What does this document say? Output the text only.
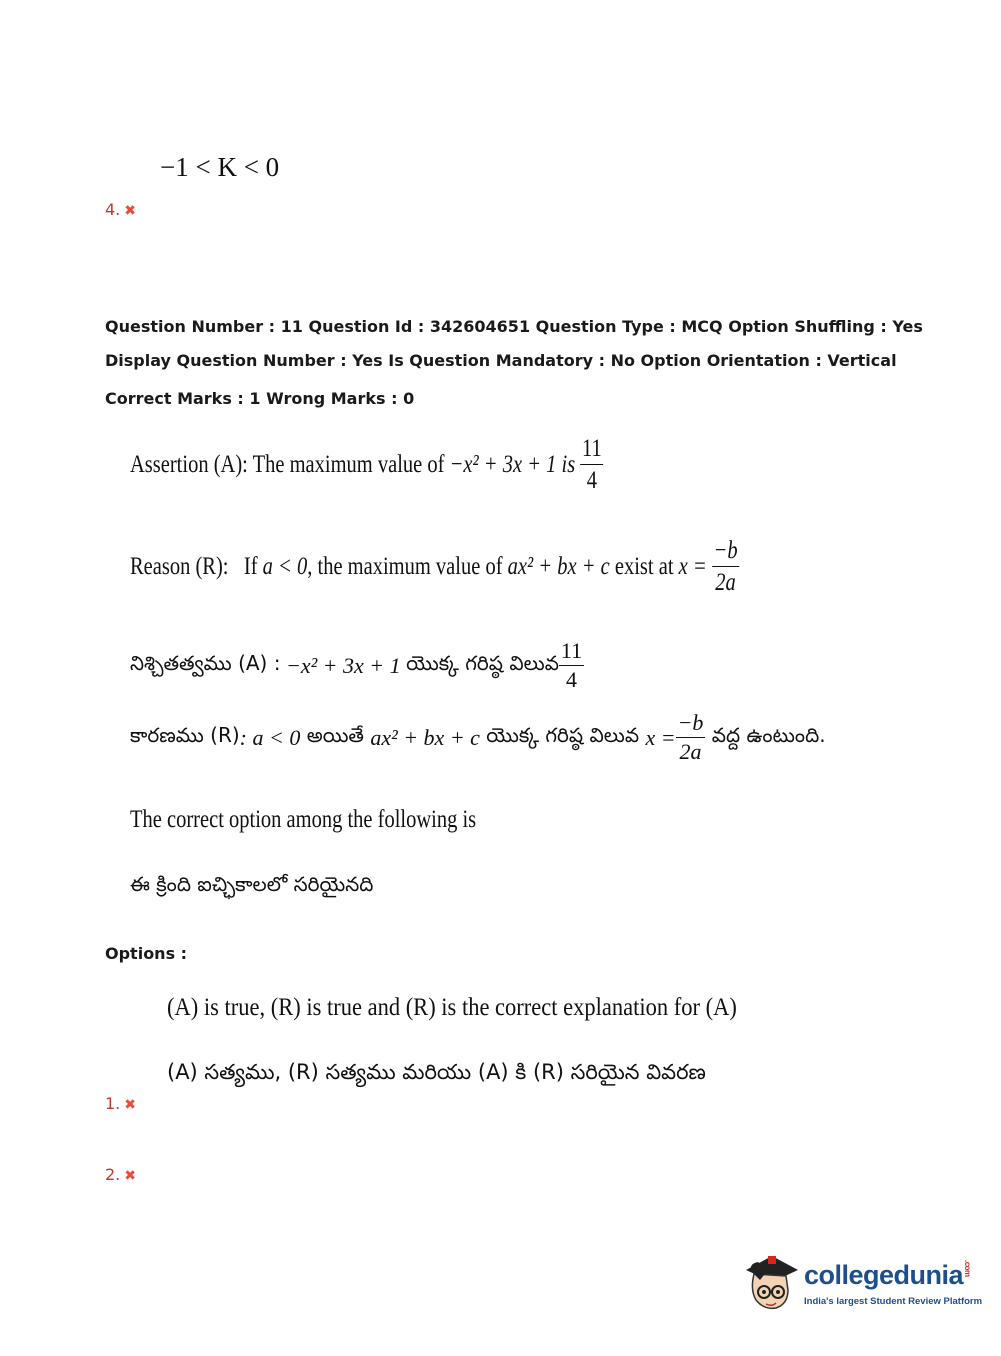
−1 < K < 0
4. ✖
Question Number : 11 Question Id : 342604651 Question Type : MCQ Option Shuffling : Yes
Display Question Number : Yes Is Question Mandatory : No Option Orientation : Vertical
Correct Marks : 1 Wrong Marks : 0
Assertion (A): The maximum value of
−x² + 3x + 1 is
$\frac{11}{4}$
Reason (R):   If a < 0 , the maximum value of ax² + bx + c exist at x =
$\frac{-b}{2a}$
నిశ్చితత్వము (A) : −x² + 3x + 1 యొక్క గరిష్ఠ విలువ $\frac{11}{4}$
కారణము (R) : a < 0 అయితే ax² + bx + c యొక్క గరిష్ఠ విలువ $x = \frac{-b}{2a}$ వద్ద ఉంటుంది.
The correct option among the following is
ఈ క్రింది ఐచ్ఛికాలలో సరియైనది
Options :
(A) is true, (R) is true and (R) is the correct explanation for (A)
(A) సత్యము, (R) సత్యము మరియు (A) కి (R) సరియైన వివరణ
1. ✖
2. ✖
collegedunia.com
India's largest Student Review Platform
